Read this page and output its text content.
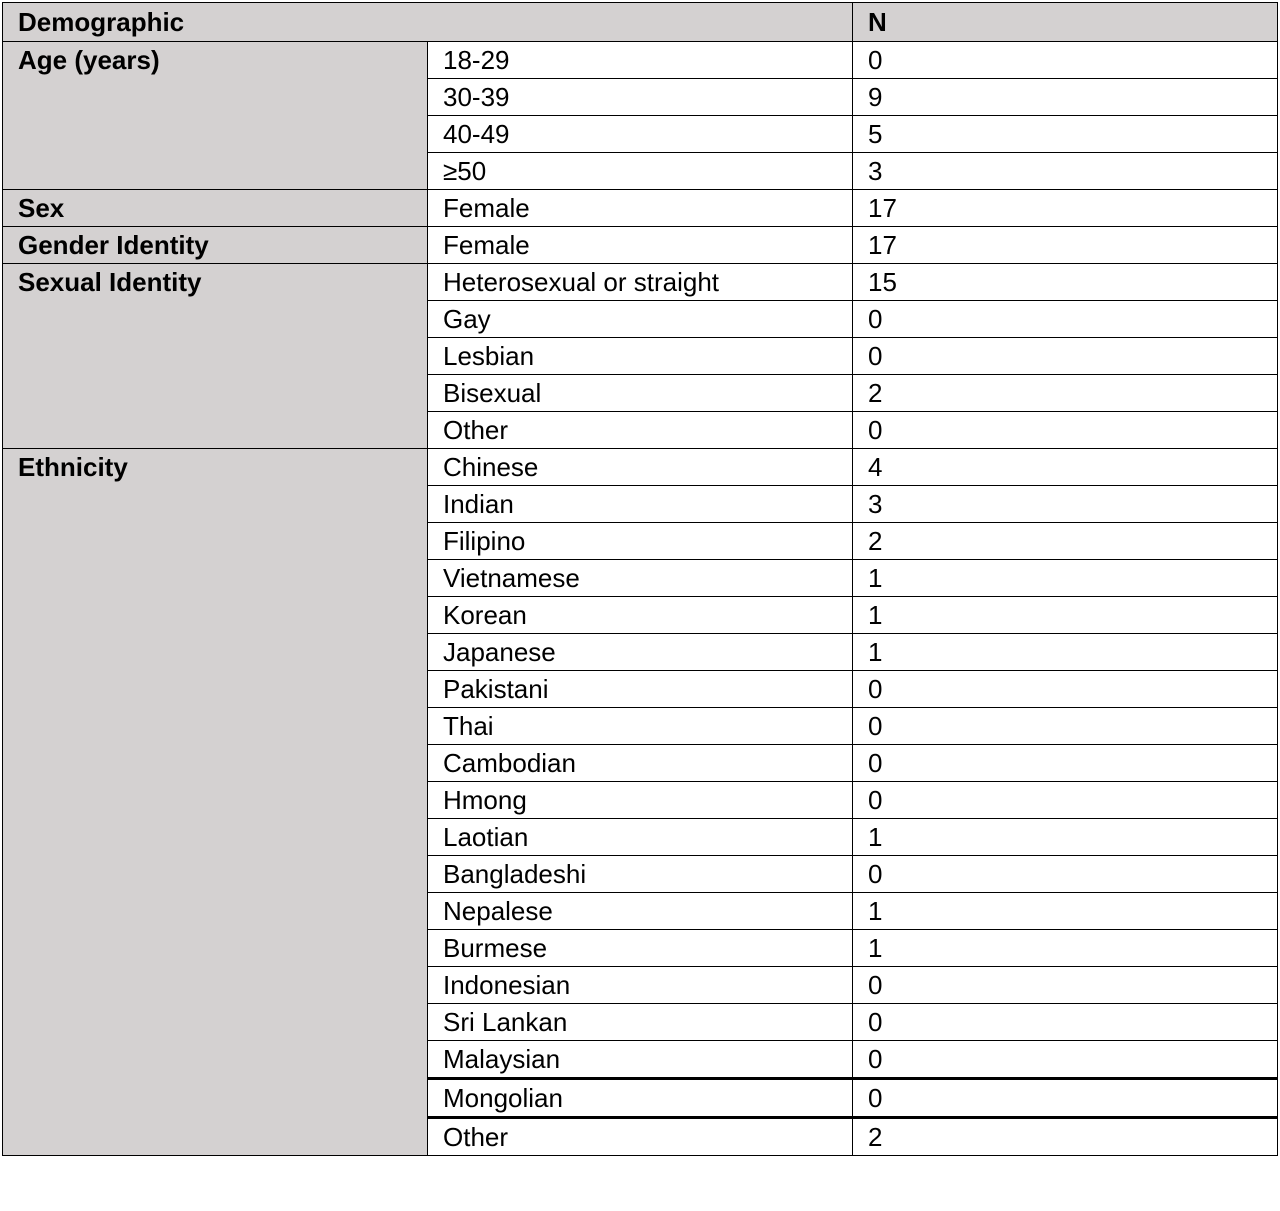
Demographic		N
Age (years)	18-29	0
	30-39	9
	40-49	5
	≥50	3
Sex	Female	17
Gender Identity	Female	17
Sexual Identity	Heterosexual or straight	15
	Gay	0
	Lesbian	0
	Bisexual	2
	Other	0
Ethnicity	Chinese	4
	Indian	3
	Filipino	2
	Vietnamese	1
	Korean	1
	Japanese	1
	Pakistani	0
	Thai	0
	Cambodian	0
	Hmong	0
	Laotian	1
	Bangladeshi	0
	Nepalese	1
	Burmese	1
	Indonesian	0
	Sri Lankan	0
	Malaysian	0
	Mongolian	0
	Other	2
